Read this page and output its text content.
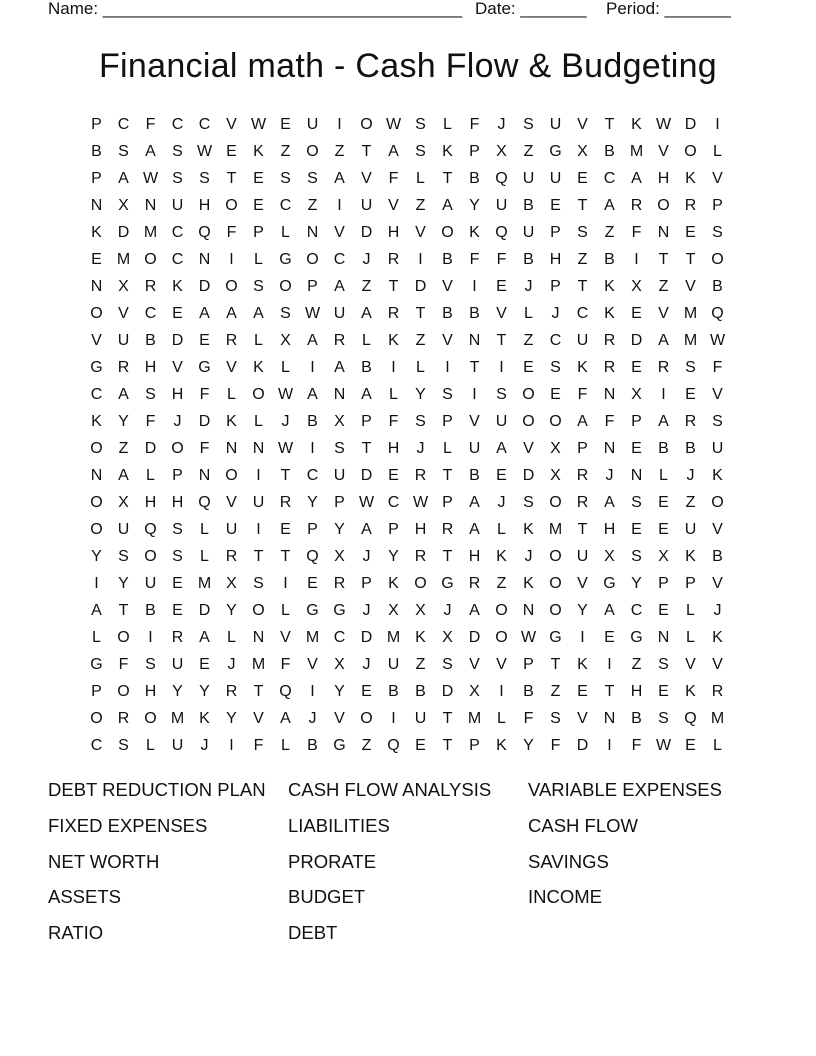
Name: ______________________________________ Date: _______ Period: _______
Financial math - Cash Flow & Budgeting
P C	F	C C V W E U	I	O W S	L	F	J	S U V	T	K W D	I
B	S	A	S W E	K	Z O Z	T	A	S	K	P	X	Z G X	B M V O	L
P	A W S	S	T	E	S	S	A	V	F	L	T	B Q U U E C A H K	V
N X N U H O E C	Z	I	U V	Z	A	Y U B	E	T	A R O R P
K D M C Q F	P	L	N V D H V O K Q U P	S	Z	F	N E	S
E M O C N	I	L	G O C	J	R	I	B	F	F	B H	Z	B	I	T	T O
N X R K D O S O P	A	Z	T	D V	I	E	J	P	T	K	X	Z	V	B
O V C E	A	A	A	S W U A R	T	B	B	V	L	J	C K	E	V M Q
V U B D E R	L	X	A R	L	K	Z	V N	T	Z	C U R D A M W
G R H V G V	K	L	I	A	B	I	L	I	T	I	E	S	K R E R S	F
C A	S H	F	L	O W A N A	L	Y	S	I	S O E	F	N X	I	E	V
K	Y	F	J	D K	L	J	B	X	P	F	S	P	V U O O A	F	P	A R S
O Z	D O F	N N W	I	S	T	H	J	L	U A	V	X	P N E	B	B U
N A	L	P N O	I	T	C U D E R	T	B	E D X R	J	N	L	J	K
O X H H Q V U R Y	P W C W P	A	J	S O R A	S	E	Z O
O U Q S	L	U	I	E	P	Y	A	P H R A	L	K M T	H E	E U V
Y	S O S	L	R	T	T Q X	J	Y R	T	H K	J	O U X	S	X	K	B
I	Y U E M X	S	I	E R P	K O G R	Z	K O V G Y	P	P	V
A	T	B	E D Y O	L	G G	J	X	X	J	A O N O Y	A C E	L	J
L	O	I	R A	L	N V M C D M K	X D O W G	I	E G N	L	K
G F	S U E	J	M F	V	X	J	U	Z	S	V	V	P	T	K	I	Z	S	V	V
P O H Y	Y R	T Q	I	Y	E	B	B D X	I	B	Z	E	T	H E	K R
O R O M K	Y	V	A	J	V O	I	U	T M L	F	S	V N B	S Q M
C S	L	U	J	I	F	L	B G Z Q E	T	P	K	Y	F	D	I	F W E	L
DEBT REDUCTION PLAN	CASH FLOW ANALYSIS	VARIABLE EXPENSES
FIXED EXPENSES	LIABILITIES	CASH FLOW
NET WORTH	PRORATE	SAVINGS
ASSETS	BUDGET	INCOME
RATIO	DEBT
